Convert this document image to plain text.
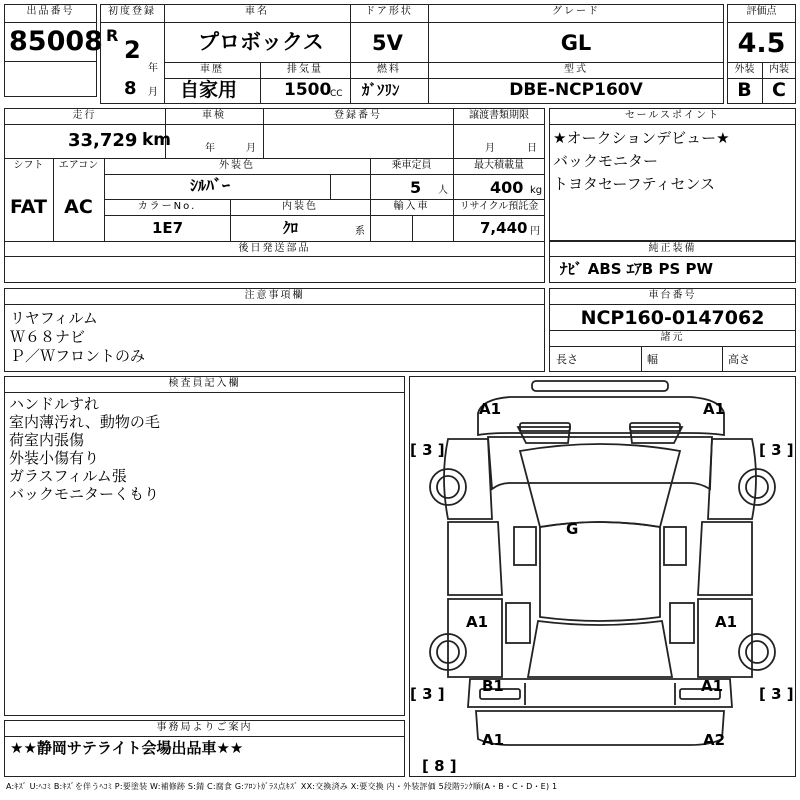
出品番号
85008
初度登録
R
2
年
8 月
車名
プロボックス
ドア形状
5V
グレード
GL
車歴
自家用
排気量
1500
CC
燃料
ｶﾞｿﾘﾝ
型式
DBE-NCP160V
評価点
4.5
外装	内装
B	C
走行
33,729 km
車検
年	月
登録番号	譲渡書類期限
月	日
シフト
FAT
エアコン
AC
外装色
ｼﾙﾊﾞｰ
乗車定員
5 人
最大積載量
400 kg
カラーNo.
1E7
内装色
ｸﾛ	系
輸入車	リサイクル預託金
7,440 円
後日発送部品
セールスポイント
★オークションデビュー★
バックモニター
トヨタセーフティセンス
純正装備
ﾅﾋﾞ ABS ｴｱB PS PW
注意事項欄
リヤフィルム
Ｗ６８ナビ
Ｐ／Ｗフロントのみ
車台番号
NCP160-0147062
諸元
長さ	幅	高さ
検査員記入欄
ハンドルすれ
室内薄汚れ、動物の毛
荷室内張傷
外装小傷有り
ガラスフィルム張
バックモニターくもり
事務局よりご案内
★★静岡サテライト会場出品車★★
A1	A1
[ 3 ]	[ 3 ]
G
A1	A1
B1	A1
[ 3 ]	[ 3 ]
A1	A2
[ 8 ]
A:ｷｽﾞ U:ﾍｺﾐ B:ｷｽﾞを伴うﾍｺﾐ P:要塗装 W:補修跡 S:錆 C:腐食 G:ﾌﾛﾝﾄｶﾞﾗｽ点ｷｽﾞ XX:交換済み X:要交換 内・外装評価 5段階ﾗﾝｸ順(A・B・C・D・E) 1
